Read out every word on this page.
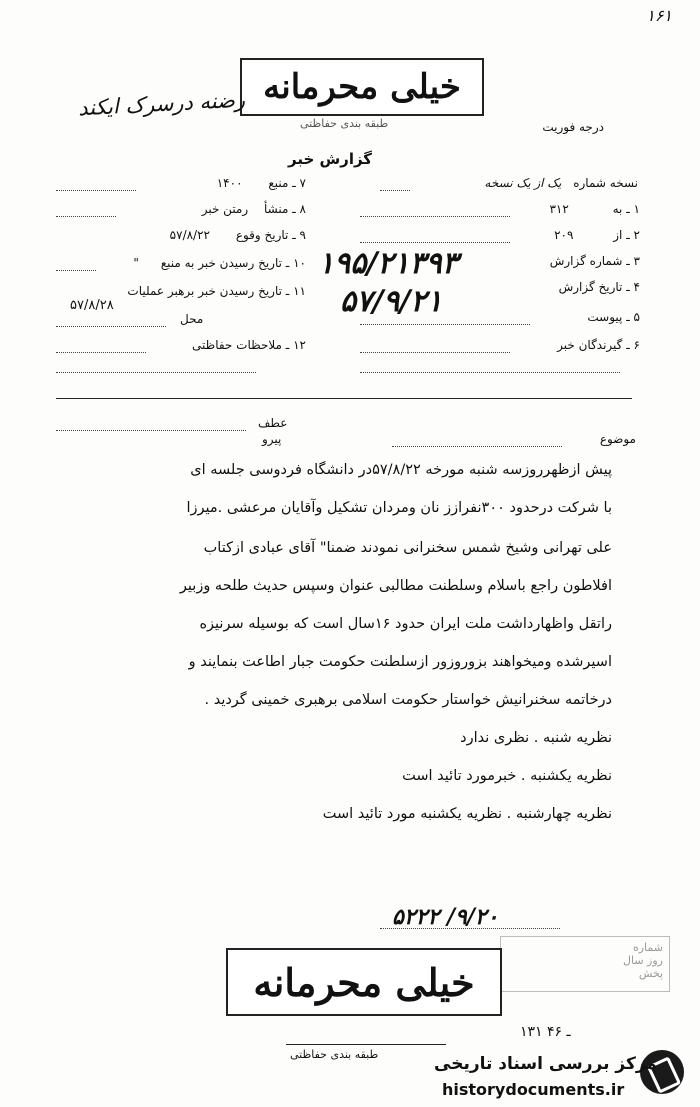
۱۶۱
خیلی محرمانه
طبقه بندی حفاظتی
رضنه درسرک ایکند
درجه فوریت
گزارش خبر
نسخه شماره یک از یک نسخه
۱ ـ به ۳۱۲
۲ ـ از ۲۰۹
۳ ـ شماره گزارش
۴ ـ تاریخ گزارش
۵ ـ پیوست
۶ ـ گیرندگان خبر
۱۹۵/۲۱۳۹۳
۵۷/۹/۲۱
۷ ـ منبع ۱۴۰۰
۸ ـ منشأ رمتن خبر
۹ ـ تاریخ وقوع ۵۷/۸/۲۲
۱۰ ـ تاریخ رسیدن خبر به منبع "
۱۱ ـ تاریخ رسیدن خبر برهبر عملیات
۵۷/۸/۲۸
محل
۱۲ ـ ملاحظات حفاظتی
عطف
پیرو	موضوع
پیش ازظهرروزسه شنبه مورخه ۵۷/۸/۲۲در دانشگاه فردوسی جلسه ای
با شرکت درحدود ۳۰۰نفرازز نان ومردان تشکیل وآقایان مرعشی .میرزا
علی تهرانی وشیخ شمس سخنرانی نمودند ضمنا" آقای عبادی ازکتاب
افلاطون راجع باسلام وسلطنت مطالبی عنوان وسپس حدیث طلحه وزبیر
راتقل واظهارداشت ملت ایران حدود ۱۶سال است که بوسیله سرنیزه
اسیرشده ومیخواهند بزوروزور ازسلطنت حکومت جبار اطاعت بنمایند و
درخاتمه سخنرانیش خواستار حکومت اسلامی برهبری خمینی گردید .
نظریه شنبه . نظری ندارد
نظریه یکشنبه . خبرمورد تائید است
نظریه چهارشنبه . نظریه یکشنبه مورد تائید است
۵۲۲۲ /۹/۲۰
شماره
روز سال
پخش
خیلی محرمانه
۱۳۱ ـ ۴۶
طبقه بندی حفاظتی	مرکز بررسی اسناد تاریخی
historydocuments.ir
